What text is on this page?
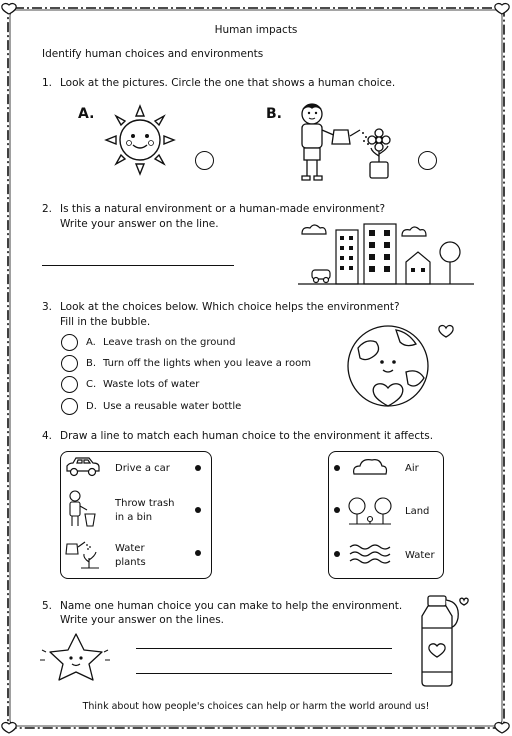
Human impacts
Identify human choices and environments
1. Look at the pictures. Circle the one that shows a human choice.
A.	B.
2. Is this a natural environment or a human-made environment?
Write your answer on the line.
3. Look at the choices below. Which choice helps the environment?
Fill in the bubble.
A. Leave trash on the ground
B. Turn off the lights when you leave a room
C. Waste lots of water
D. Use a reusable water bottle
4. Draw a line to match each human choice to the environment it affects.
Drive a car
Throw trash
in a bin
Water
plants
Air
Land
Water
5. Name one human choice you can make to help the environment.
Write your answer on the lines.
Think about how people's choices can help or harm the world around us!
